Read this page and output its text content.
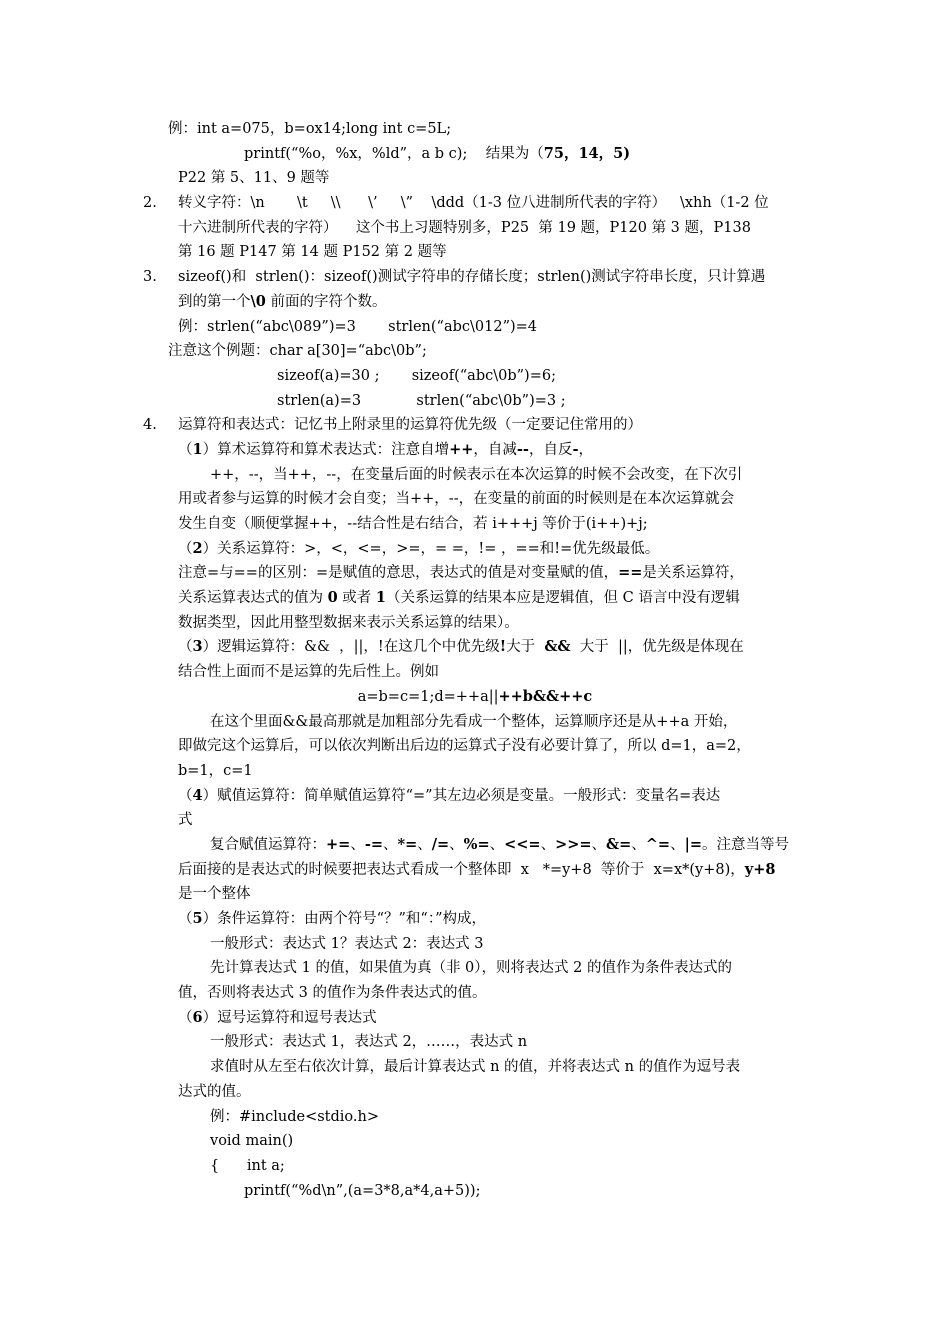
例：int a=075，b=ox14;long int c=5L;
printf(“%o，%x，%ld”，a b c);    结果为（75，14，5)
P22 第 5、11、9 题等
2. 转义字符：\n       \t     \\      \’     \”    \ddd（1-3 位八进制所代表的字符）   \xhh（1-2 位
十六进制所代表的字符）    这个书上习题特别多，P25  第 19 题，P120 第 3 题，P138
第 16 题 P147 第 14 题 P152 第 2 题等
3. sizeof()和  strlen()：sizeof()测试字符串的存储长度；strlen()测试字符串长度，只计算遇
到的第一个\0 前面的字符个数。
例：strlen(“abc\089”)=3       strlen(“abc\012”)=4
注意这个例题：char a[30]=“abc\0b”;
sizeof(a)=30 ;       sizeof(“abc\0b”)=6;
strlen(a)=3            strlen(“abc\0b”)=3 ;
4. 运算符和表达式：记忆书上附录里的运算符优先级（一定要记住常用的）
（1）算术运算符和算术表达式：注意自增++，自减--，自反-，
++，--，当++，--，在变量后面的时候表示在本次运算的时候不会改变，在下次引
用或者参与运算的时候才会自变；当++，--，在变量的前面的时候则是在本次运算就会
发生自变（顺便掌握++，--结合性是右结合，若 i+++j 等价于(i++)+j;
（2）关系运算符：>，<，<=，>=，= =，!= ，==和!=优先级最低。
注意=与==的区别：=是赋值的意思，表达式的值是对变量赋的值，==是关系运算符，
关系运算表达式的值为 0 或者 1（关系运算的结果本应是逻辑值，但 C 语言中没有逻辑
数据类型，因此用整型数据来表示关系运算的结果）。
（3）逻辑运算符：&&  ，||，!在这几个中优先级!大于  &&  大于  ||，优先级是体现在
结合性上面而不是运算的先后性上。例如
a=b=c=1;d=++a||++b&&++c
在这个里面&&最高那就是加粗部分先看成一个整体，运算顺序还是从++a 开始，
即做完这个运算后，可以依次判断出后边的运算式子没有必要计算了，所以 d=1，a=2，
b=1，c=1
（4）赋值运算符：简单赋值运算符“=”其左边必须是变量。一般形式：变量名=表达
式
复合赋值运算符：+=、-=、*=、/=、%=、<<=、>>=、&=、^=、|=。注意当等号
后面接的是表达式的时候要把表达式看成一个整体即  x   *=y+8  等价于  x=x*(y+8)，y+8
是一个整体
（5）条件运算符：由两个符号“？”和“：”构成，
一般形式：表达式 1？表达式 2：表达式 3
先计算表达式 1 的值，如果值为真（非 0），则将表达式 2 的值作为条件表达式的
值，否则将表达式 3 的值作为条件表达式的值。
（6）逗号运算符和逗号表达式
一般形式：表达式 1，表达式 2，……，表达式 n
求值时从左至右依次计算，最后计算表达式 n 的值，并将表达式 n 的值作为逗号表
达式的值。
例：#include<stdio.h>
void main()
{      int a;
printf(“%d\n”,(a=3*8,a*4,a+5));
